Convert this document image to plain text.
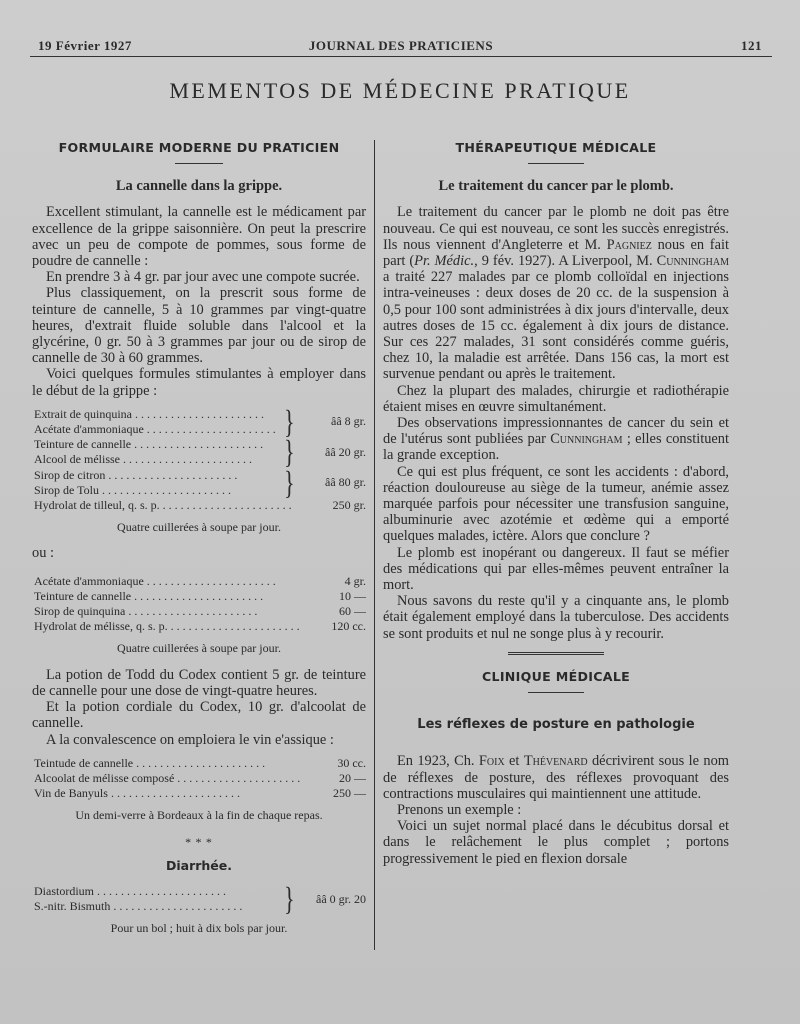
19 Février 1927	JOURNAL DES PRATICIENS	121
MEMENTOS DE MÉDECINE PRATIQUE
FORMULAIRE MODERNE DU PRATICIEN
La cannelle dans la grippe.

Excellent stimulant, la cannelle est le médicament par excellence de la grippe saisonnière. On peut la prescrire avec un peu de compote de pommes, sous forme de poudre de cannelle :

En prendre 3 à 4 gr. par jour avec une compote sucrée.

Plus classiquement, on la prescrit sous forme de teinture de cannelle, 5 à 10 grammes par vingt-quatre heures, d'extrait fluide soluble dans l'alcool et la glycérine, 0 gr. 50 à 3 grammes par jour ou de sirop de cannelle de 30 à 60 grammes.

Voici quelques formules stimulantes à employer dans le début de la grippe :

Extrait de quinquina . . .
Acétate d'ammoniaque . . .	}	ââ 8 gr.
Teinture de cannelle . . .
Alcool de mélisse . . .	}	ââ 20 gr.
Sirop de citron . . .
Sirop de Tolu . . .	}	ââ 80 gr.
Hydrolat de tilleul, q. s. p. . . .	250 gr.
Quatre cuillerées à soupe par jour.

ou :

Acétate d'ammoniaque . . .	4 gr.
Teinture de cannelle . . .	10 —
Sirop de quinquina . . .	60 —
Hydrolat de mélisse, q. s. p. . . .	120 cc.
Quatre cuillerées à soupe par jour.

La potion de Todd du Codex contient 5 gr. de teinture de cannelle pour une dose de vingt-quatre heures.

Et la potion cordiale du Codex, 10 gr. d'alcoolat de cannelle.

A la convalescence on emploiera le vin e'assique :

Teintude de cannelle . . .	30 cc.
Alcoolat de mélisse composé . . .	20 —
Vin de Banyuls . . .	250 —
Un demi-verre à Bordeaux à la fin de chaque repas.
* * *
Diarrhée.
Diastordium . . .
S.-nitr. Bismuth . . .	}	ââ 0 gr. 20
Pour un bol ; huit à dix bols par jour.
THÉRAPEUTIQUE MÉDICALE
Le traitement du cancer par le plomb.

Le traitement du cancer par le plomb ne doit pas être nouveau. Ce qui est nouveau, ce sont les succès enregistrés. Ils nous viennent d'Angleterre et M. Pagniez nous en fait part (Pr. Médic., 9 fév. 1927). A Liverpool, M. Cunningham a traité 227 malades par ce plomb colloïdal en injections intra-veineuses : deux doses de 20 cc. de la suspension à 0,5 pour 100 sont administrées à dix jours d'intervalle, deux autres doses de 15 cc. également à dix jours de distance. Sur ces 227 malades, 31 sont considérés comme guéris, chez 10, la maladie est arrêtée. Dans 156 cas, la mort est survenue pendant ou après le traitement.

Chez la plupart des malades, chirurgie et radiothérapie étaient mises en œuvre simultanément.

Des observations impressionnantes de cancer du sein et de l'utérus sont publiées par Cunningham ; elles constituent la grande exception.

Ce qui est plus fréquent, ce sont les accidents : d'abord, réaction douloureuse au siège de la tumeur, anémie assez marquée parfois pour nécessiter une transfusion sanguine, albuminurie avec azotémie et œdème qui a emporté quelques malades, ictère. Alors que conclure ?

Le plomb est inopérant ou dangereux. Il faut se méfier des médications qui par elles-mêmes peuvent entraîner la mort.

Nous savons du reste qu'il y a cinquante ans, le plomb était également employé dans la tuberculose. Des accidents se sont produits et nul ne songe plus à y recourir.

CLINIQUE MÉDICALE
Les réflexes de posture en pathologie

En 1923, Ch. Foix et Thévenard décrivirent sous le nom de réflexes de posture, des réflexes provoquant des contractions musculaires qui maintiennent une attitude.

Prenons un exemple :

Voici un sujet normal placé dans le décubitus dorsal et dans le relâchement le plus complet ; portons progressivement le pied en flexion dorsale
